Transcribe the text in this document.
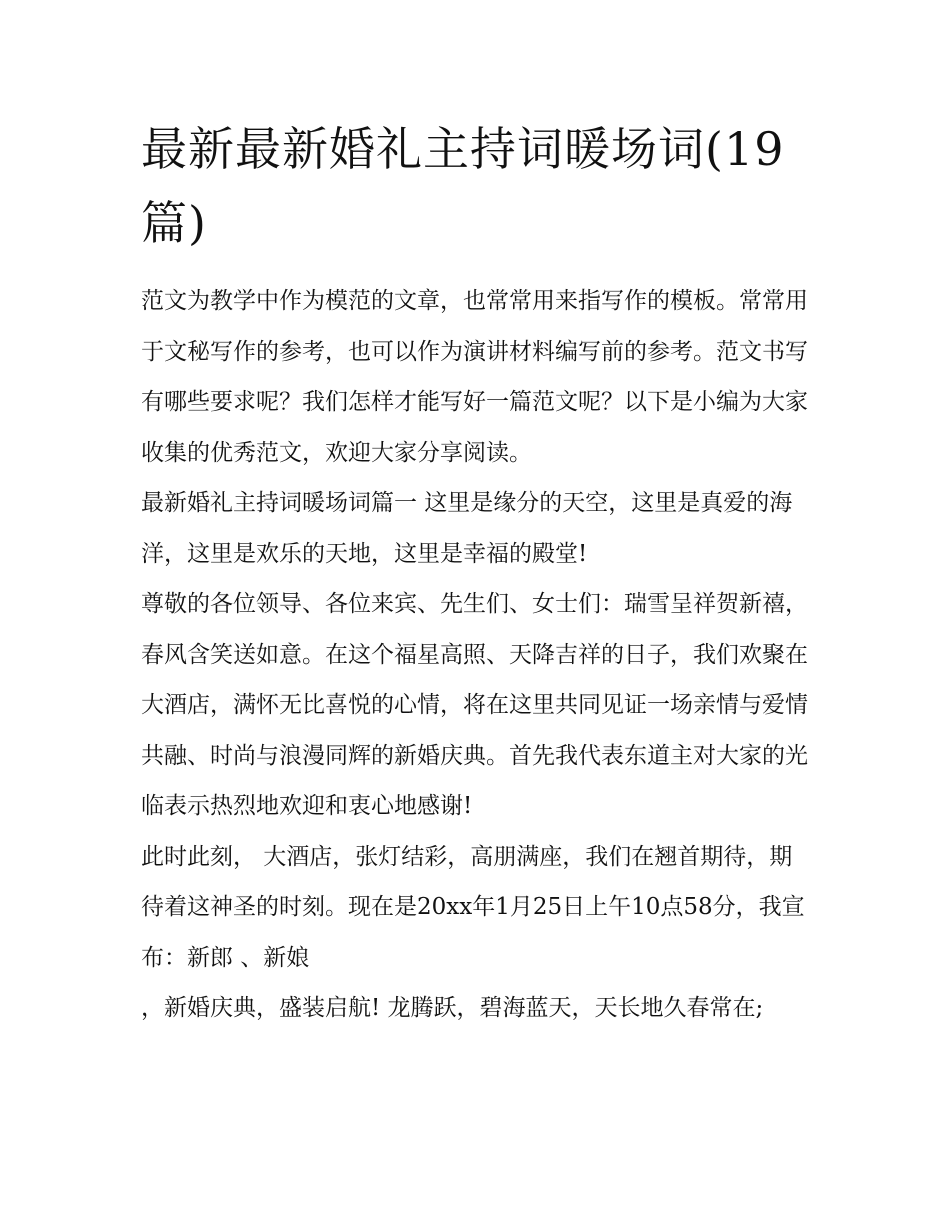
最新最新婚礼主持词暖场词(19篇)

范文为教学中作为模范的文章，也常常用来指写作的模板。常常用于文秘写作的参考，也可以作为演讲材料编写前的参考。范文书写有哪些要求呢？我们怎样才能写好一篇范文呢？以下是小编为大家收集的优秀范文，欢迎大家分享阅读。

最新婚礼主持词暖场词篇一 这里是缘分的天空，这里是真爱的海洋，这里是欢乐的天地，这里是幸福的殿堂!

尊敬的各位领导、各位来宾、先生们、女士们：瑞雪呈祥贺新禧，春风含笑送如意。在这个福星高照、天降吉祥的日子，我们欢聚在

大酒店，满怀无比喜悦的心情，将在这里共同见证一场亲情与爱情共融、时尚与浪漫同辉的新婚庆典。首先我代表东道主对大家的光临表示热烈地欢迎和衷心地感谢!

此时此刻， 大酒店，张灯结彩，高朋满座，我们在翘首期待，期待着这神圣的时刻。现在是20xx年1月25日上午10点58分，我宣布：新郎 、新娘

，新婚庆典，盛装启航! 龙腾跃，碧海蓝天，天长地久春常在;
